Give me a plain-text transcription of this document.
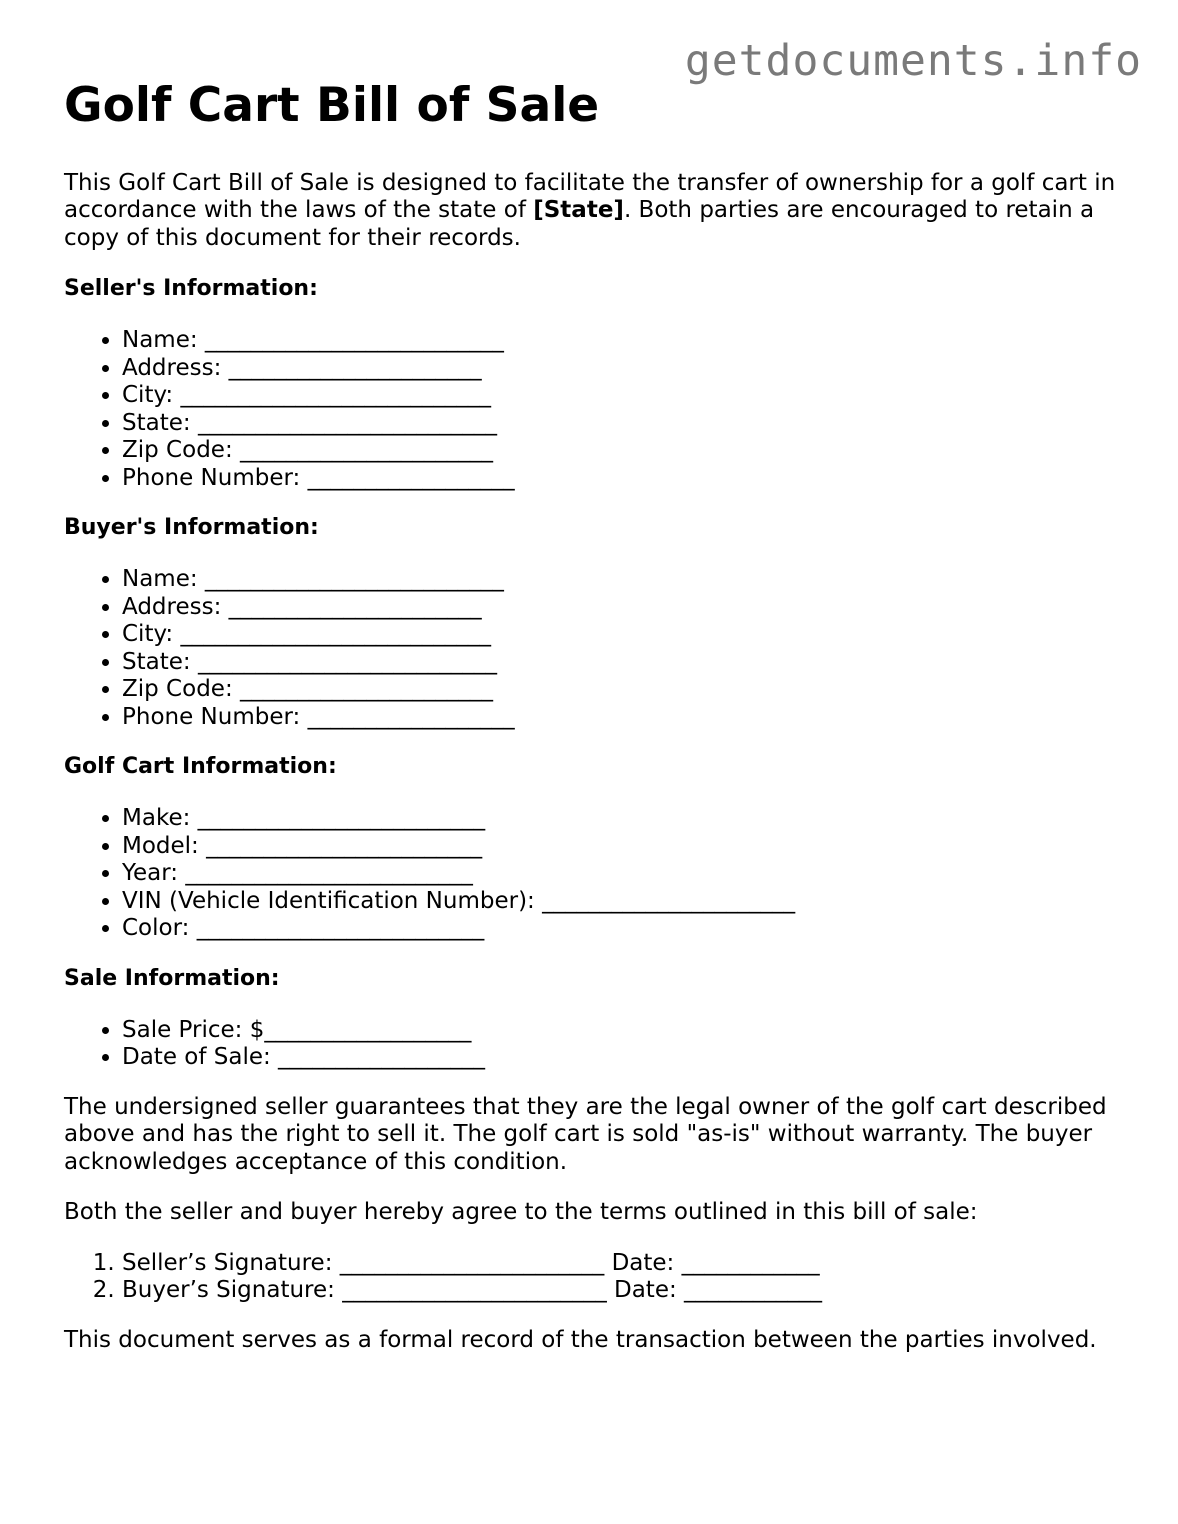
getdocuments.info
Golf Cart Bill of Sale

This Golf Cart Bill of Sale is designed to facilitate the transfer of ownership for a golf cart in accordance with the laws of the state of [State]. Both parties are encouraged to retain a copy of this document for their records.

Seller's Information:
• Name: __________________________
• Address: ______________________
• City: ___________________________
• State: __________________________
• Zip Code: ______________________
• Phone Number: __________________
Buyer's Information:
• Name: __________________________
• Address: ______________________
• City: ___________________________
• State: __________________________
• Zip Code: ______________________
• Phone Number: __________________
Golf Cart Information:
• Make: _________________________
• Model: ________________________
• Year: _________________________
• VIN (Vehicle Identification Number): ______________________
• Color: _________________________
Sale Information:
• Sale Price: $__________________
• Date of Sale: __________________

The undersigned seller guarantees that they are the legal owner of the golf cart described above and has the right to sell it. The golf cart is sold "as-is" without warranty. The buyer acknowledges acceptance of this condition.

Both the seller and buyer hereby agree to the terms outlined in this bill of sale:

1. Seller’s Signature: _______________________ Date: ____________
2. Buyer’s Signature: _______________________ Date: ____________

This document serves as a formal record of the transaction between the parties involved.
